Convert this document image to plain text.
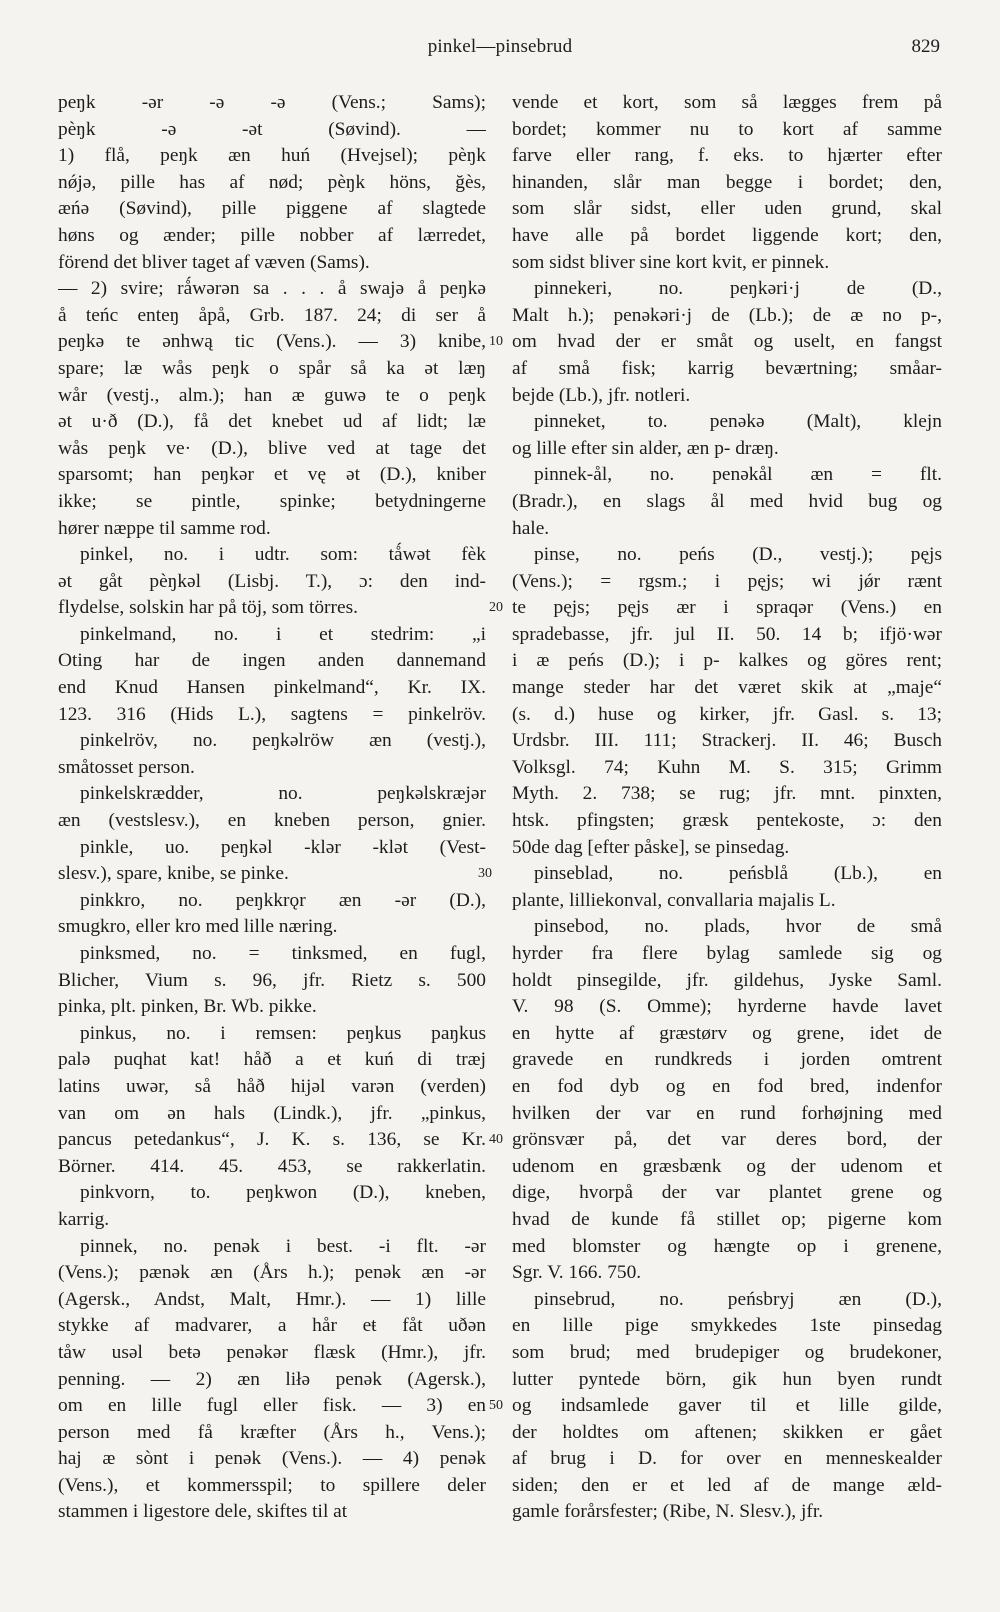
pinkel—pinsebrud	829
peŋk -ər -ə -ə (Vens.; Sams);
pèŋk -ə -ət (Søvind). —
1) flå, peŋk æn huń (Hvejsel); pèŋk
nǿjə, pille has af nød; pèŋk höns, ğès,
æńə (Søvind), pille piggene af slagtede
høns og ænder; pille nobber af lærredet,
förend det bliver taget af væven (Sams).
— 2) svire; rǻwərən sa . . . å swajə å peŋkə
å teńc enteŋ åpå, Grb. 187. 24; di ser å
peŋkə te ənhwą tic (Vens.). — 3) knibe,
spare; læ wås peŋk o spår så ka ət læŋ
wår (vestj., alm.); han æ guwə te o peŋk
ət u·ð (D.), få det knebet ud af lidt; læ
wås peŋk ve· (D.), blive ved at tage det
sparsomt; han peŋkər et vę ət (D.), kniber
ikke; se pintle, spinke; betydningerne
hører næppe til samme rod.
pinkel, no. i udtr. som: tǻwət fèk
ət gåt pèŋkəl (Lisbj. T.), ɔ: den ind-
flydelse, solskin har på töj, som törres.
pinkelmand, no. i et stedrim: „i
Oting har de ingen anden dannemand
end Knud Hansen pinkelmand“, Kr. IX.
123. 316 (Hids L.), sagtens = pinkelröv.
pinkelröv, no. peŋkəlröw æn (vestj.),
småtosset person.
pinkelskrædder, no. peŋkəlskræjər
æn (vestslesv.), en kneben person, gnier.
pinkle, uo. peŋkəl -klər -klət (Vest-
slesv.), spare, knibe, se pinke.
pinkkro, no. peŋkkrǫr æn -ər (D.),
smugkro, eller kro med lille næring.
pinksmed, no. = tinksmed, en fugl,
Blicher, Vium s. 96, jfr. Rietz s. 500
pinka, plt. pinken, Br. Wb. pikke.
pinkus, no. i remsen: peŋkus paŋkus
palə puqhat kat! håð a eŧ kuń di træj
latins uwər, så håð hijəl varən (verden)
van om ən hals (Lindk.), jfr. „pinkus,
pancus petedankus“, J. K. s. 136, se Kr.
Börner. 414. 45. 453, se rakkerlatin.
pinkvorn, to. peŋkwon (D.), kneben,
karrig.
pinnek, no. penək i best. -i flt. -ər
(Vens.); pænək æn (Års h.); penək æn -ər
(Agersk., Andst, Malt, Hmr.). — 1) lille
stykke af madvarer, a hår eŧ fåt uðən
tåw usəl beŧə penəkər flæsk (Hmr.), jfr.
penning. — 2) æn liłə penək (Agersk.),
om en lille fugl eller fisk. — 3) en
person med få kræfter (Års h., Vens.);
haj æ sònt i penək (Vens.). — 4) penək
(Vens.), et kommersspil; to spillere deler
stammen i ligestore dele, skiftes til at
vende et kort, som så lægges frem på
bordet; kommer nu to kort af samme
farve eller rang, f. eks. to hjærter efter
hinanden, slår man begge i bordet; den,
som slår sidst, eller uden grund, skal
have alle på bordet liggende kort; den,
som sidst bliver sine kort kvit, er pinnek.
pinnekeri, no. peŋkəri·j de (D.,
Malt h.); penəkəri·j de (Lb.); de æ no p-,
om hvad der er småt og uselt, en fangst
af små fisk; karrig beværtning; småar-
bejde (Lb.), jfr. notleri.
pinneket, to. penəkə (Malt), klejn
og lille efter sin alder, æn p- dræŋ.
pinnek-ål, no. penəkål æn = flt.
(Bradr.), en slags ål med hvid bug og
hale.
pinse, no. peńs (D., vestj.); pęjs
(Vens.); = rgsm.; i pęjs; wi jǿr rænt
te pęjs; pęjs ær i spraqər (Vens.) en
spradebasse, jfr. jul II. 50. 14 b; ifjö·wər
i æ peńs (D.); i p- kalkes og göres rent;
mange steder har det været skik at „maje“
(s. d.) huse og kirker, jfr. Gasl. s. 13;
Urdsbr. III. 111; Strackerj. II. 46; Busch
Volksgl. 74; Kuhn M. S. 315; Grimm
Myth. 2. 738; se rug; jfr. mnt. pinxten,
htsk. pfingsten; græsk pentekoste, ɔ: den
50de dag [efter påske], se pinsedag.
pinseblad, no. peńsblå (Lb.), en
plante, lilliekonval, convallaria majalis L.
pinsebod, no. plads, hvor de små
hyrder fra flere bylag samlede sig og
holdt pinsegilde, jfr. gildehus, Jyske Saml.
V. 98 (S. Omme); hyrderne havde lavet
en hytte af græstørv og grene, idet de
gravede en rundkreds i jorden omtrent
en fod dyb og en fod bred, indenfor
hvilken der var en rund forhøjning med
grönsvær på, det var deres bord, der
udenom en græsbænk og der udenom et
dige, hvorpå der var plantet grene og
hvad de kunde få stillet op; pigerne kom
med blomster og hængte op i grenene,
Sgr. V. 166. 750.
pinsebrud, no. peńsbryj æn (D.),
en lille pige smykkedes 1ste pinsedag
som brud; med brudepiger og brudekoner,
lutter pyntede börn, gik hun byen rundt
og indsamlede gaver til et lille gilde,
der holdtes om aftenen; skikken er gået
af brug i D. for over en menneskealder
siden; den er et led af de mange æld-
gamle forårsfester; (Ribe, N. Slesv.), jfr.
10
20
30
40
50
